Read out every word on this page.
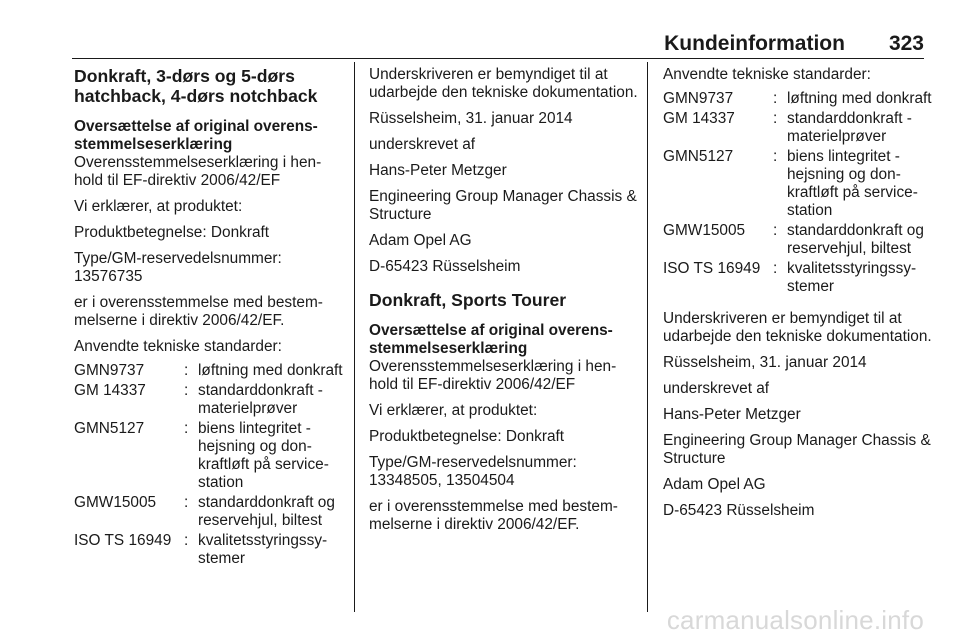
Kundeinformation 323
Donkraft, 3-dørs og 5-dørs hatchback, 4-dørs notchback

Oversættelse af original overensstemmelseserklæring

Overensstemmelseserklæring i henhold til EF-direktiv 2006/42/EF

Vi erklærer, at produktet:

Produktbetegnelse: Donkraft

Type/GM-reservedelsnummer:
13576735

er i overensstemmelse med bestemmelserne i direktiv 2006/42/EF.

Anvendte tekniske standarder:

GMN9737	:	løftning med donkraft
GM 14337	:	standarddonkraft - materielprøver
GMN5127	:	biens lintegritet - hejsning og donkraftløft på servicestation
GMW15005	:	standarddonkraft og reservehjul, biltest
ISO TS 16949	:	kvalitetsstyringssystemer

Underskriveren er bemyndiget til at udarbejde den tekniske dokumentation.

Rüsselsheim, 31. januar 2014

underskrevet af

Hans-Peter Metzger

Engineering Group Manager Chassis & Structure

Adam Opel AG

D-65423 Rüsselsheim

Donkraft, Sports Tourer

Oversættelse af original overensstemmelseserklæring

Overensstemmelseserklæring i henhold til EF-direktiv 2006/42/EF

Vi erklærer, at produktet:

Produktbetegnelse: Donkraft

Type/GM-reservedelsnummer:
13348505, 13504504

er i overensstemmelse med bestemmelserne i direktiv 2006/42/EF.

Anvendte tekniske standarder:

GMN9737	:	løftning med donkraft
GM 14337	:	standarddonkraft - materielprøver
GMN5127	:	biens lintegritet - hejsning og donkraftløft på servicestation
GMW15005	:	standarddonkraft og reservehjul, biltest
ISO TS 16949	:	kvalitetsstyringssystemer

Underskriveren er bemyndiget til at udarbejde den tekniske dokumentation.

Rüsselsheim, 31. januar 2014

underskrevet af

Hans-Peter Metzger

Engineering Group Manager Chassis & Structure

Adam Opel AG

D-65423 Rüsselsheim

carmanualsonline.info
